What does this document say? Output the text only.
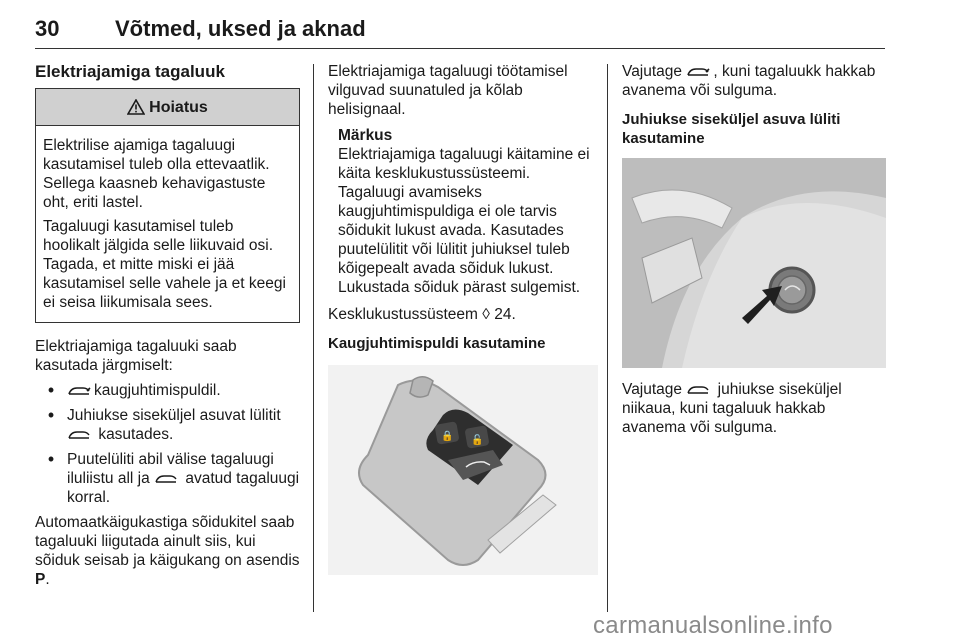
30	Võtmed, uksed ja aknad

Elektriajamiga tagaluuk

Hoiatus

Elektrilise ajamiga tagaluugi kasutamisel tuleb olla ettevaatlik. Sellega kaasneb kehavigastuste oht, eriti lastel.

Tagaluugi kasutamisel tuleb hoolikalt jälgida selle liikuvaid osi. Tagada, et mitte miski ei jää kasutamisel selle vahele ja et keegi ei seisa liikumisala sees.

Elektriajamiga tagaluuki saab kasutada järgmiselt:

•	kaugjuhtimispuldil.
• Juhiukse siseküljel asuvat lülitit  kasutades.
• Puutelüliti abil välise tagaluugi iluliistu all ja avatud tagaluugi korral.

Automaatkäigukastiga sõidukitel saab tagaluuki liigutada ainult siis, kui sõiduk seisab ja käigukang on asendis P.

Elektriajamiga tagaluugi töötamisel vilguvad suunatuled ja kõlab helisignaal.

Märkus

Elektriajamiga tagaluugi käitamine ei käita kesklukustussüsteemi. Tagaluugi avamiseks kaugjuhtimispuldiga ei ole tarvis sõidukit lukust avada. Kasutades puutelülitit või lülitit juhiuksel tuleb kõigepealt avada sõiduk lukust. Lukustada sõiduk pärast sulgemist.

Kesklukustussüsteem ◊ 24.

Kaugjuhtimispuldi kasutamine

🔒 🔓

Vajutage , kuni tagaluukk hakkab avanema või sulguma.

Juhiukse siseküljel asuva lüliti kasutamine

Vajutage juhiukse siseküljel niikaua, kuni tagaluuk hakkab avanema või sulguma.

carmanualsonline.info
